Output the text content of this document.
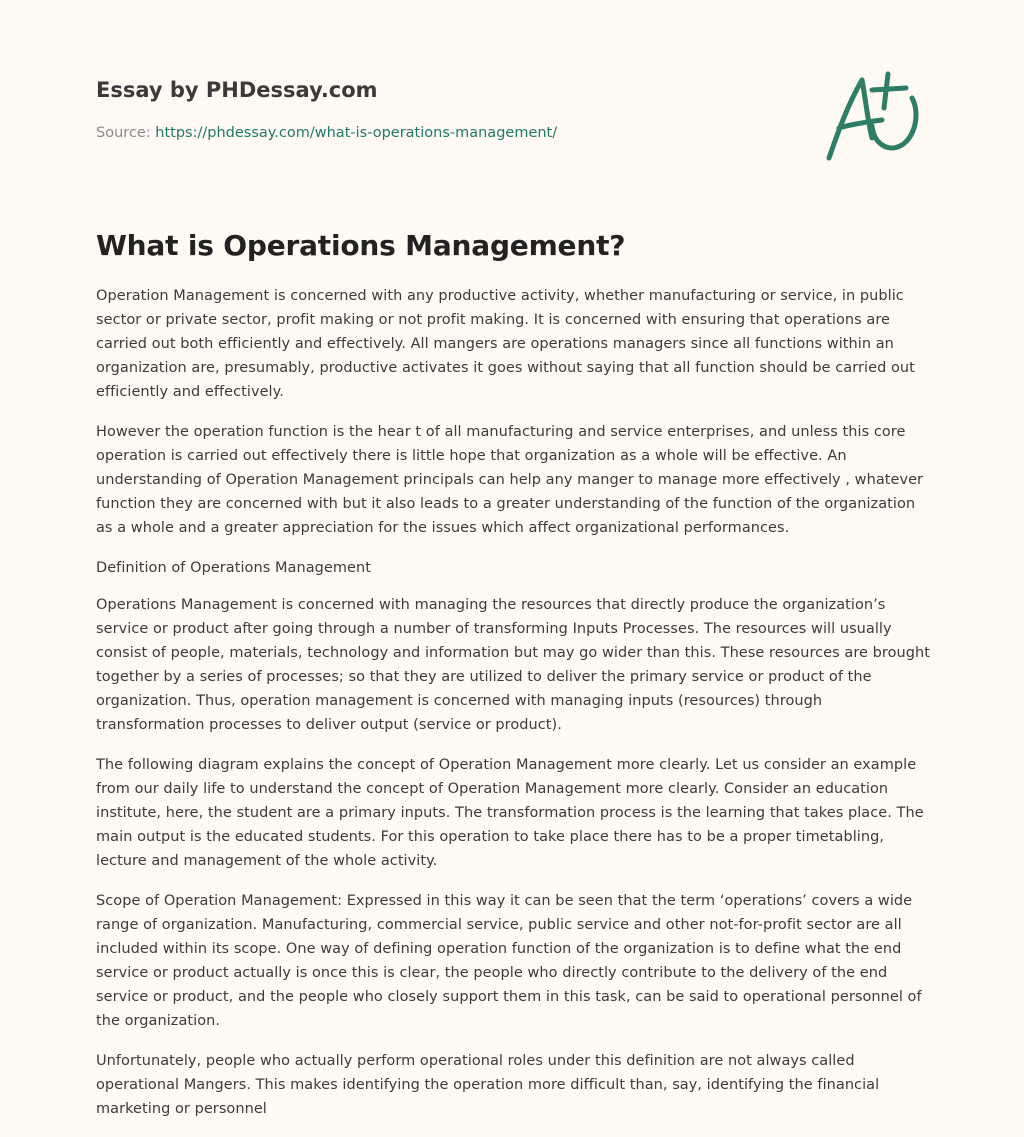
Essay by PHDessay.com
Source: https://phdessay.com/what-is-operations-management/
What is Operations Management?

Operation Management is concerned with any productive activity, whether manufacturing or service, in public sector or private sector, profit making or not profit making. It is concerned with ensuring that operations are carried out both efficiently and effectively. All mangers are operations managers since all functions within an organization are, presumably, productive activates it goes without saying that all function should be carried out efficiently and effectively.

However the operation function is the hear t of all manufacturing and service enterprises, and unless this core operation is carried out effectively there is little hope that organization as a whole will be effective. An understanding of Operation Management principals can help any manger to manage more effectively , whatever function they are concerned with but it also leads to a greater understanding of the function of the organization as a whole and a greater appreciation for the issues which affect organizational performances.

Definition of Operations Management

Operations Management is concerned with managing the resources that directly produce the organization’s service or product after going through a number of transforming Inputs Processes. The resources will usually consist of people, materials, technology and information but may go wider than this. These resources are brought together by a series of processes; so that they are utilized to deliver the primary service or product of the organization. Thus, operation management is concerned with managing inputs (resources) through transformation processes to deliver output (service or product).

The following diagram explains the concept of Operation Management more clearly. Let us consider an example from our daily life to understand the concept of Operation Management more clearly. Consider an education institute, here, the student are a primary inputs. The transformation process is the learning that takes place. The main output is the educated students. For this operation to take place there has to be a proper timetabling, lecture and management of the whole activity.

Scope of Operation Management: Expressed in this way it can be seen that the term ‘operations’ covers a wide range of organization. Manufacturing, commercial service, public service and other not-for-profit sector are all included within its scope. One way of defining operation function of the organization is to define what the end service or product actually is once this is clear, the people who directly contribute to the delivery of the end service or product, and the people who closely support them in this task, can be said to operational personnel of the organization.

Unfortunately, people who actually perform operational roles under this definition are not always called operational Mangers. This makes identifying the operation more difficult than, say, identifying the financial marketing or personnel
